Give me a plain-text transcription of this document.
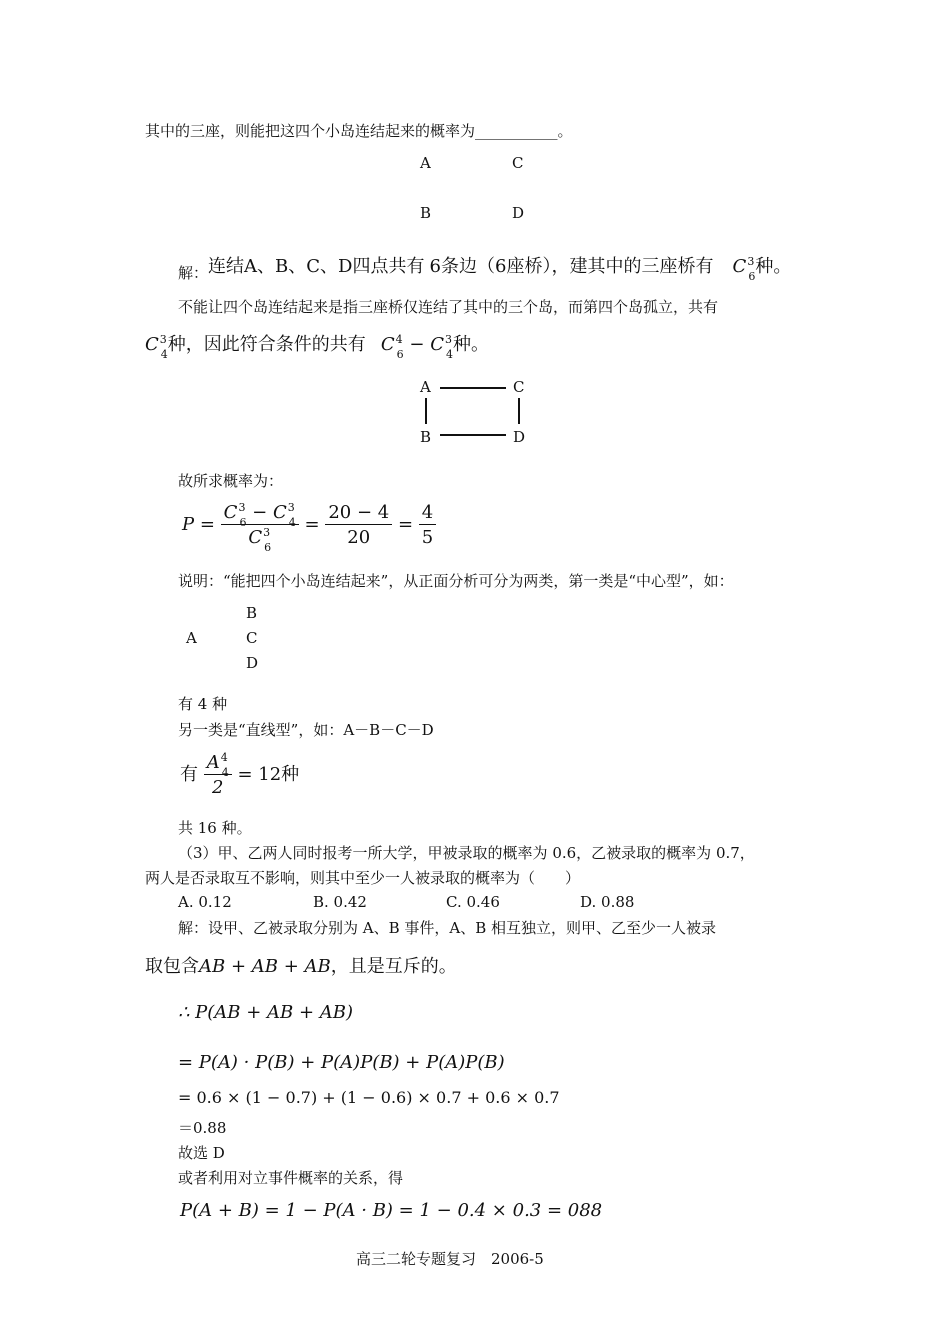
其中的三座，则能把这四个小岛连结起来的概率为___________。
A	C
B	D
解：连结A、B、C、D四点共有 6条边（6座桥），建其中的三座桥有 $C^3_6$种。
不能让四个岛连结起来是指三座桥仅连结了其中的三个岛，而第四个岛孤立，共有
$C^3_4$种，因此符合条件的共有 $C^4_6 - C^3_4$种。
A	C
B	D
故所求概率为：
$P = \frac{C^3_6 - C^3_4}{C^3_6} = \frac{20 - 4}{20} = \frac{4}{5}$
说明：“能把四个小岛连结起来”，从正面分析可分为两类，第一类是“中心型”，如：
B
A	C
D
有 4 种
另一类是“直线型”，如：A－B－C－D
有 $\frac{A^4_4}{2} = 12$种
共 16 种。
（3）甲、乙两人同时报考一所大学，甲被录取的概率为 0.6，乙被录取的概率为 0.7，
两人是否录取互不影响，则其中至少一人被录取的概率为（　　）
A. 0.12	B. 0.42	C. 0.46	D. 0.88
解：设甲、乙被录取分别为 A、B 事件，A、B 相互独立，则甲、乙至少一人被录
取包含AB + AB + AB，且是互斥的。
∴ P(AB + AB + AB)
= P(A) · P(B) + P(A)P(B) + P(A)P(B)
= 0.6 × (1 − 0.7) + (1 − 0.6) × 0.7 + 0.6 × 0.7
＝0.88
故选 D
或者利用对立事件概率的关系，得
P(A + B) = 1 − P(A · B) = 1 − 0.4 × 0.3 = 088
高三二轮专题复习　2006-5
